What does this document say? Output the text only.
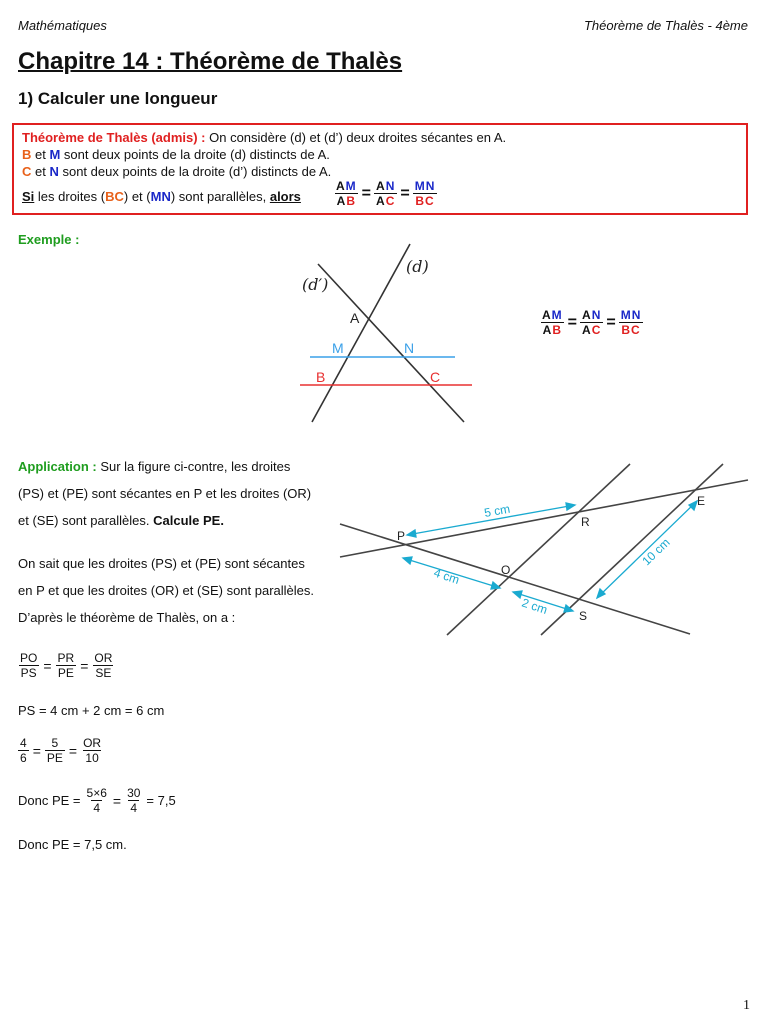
Mathématiques	Théorème de Thalès - 4ème
Chapitre 14 : Théorème de Thalès
1) Calculer une longueur
Théorème de Thalès (admis) : On considère (d) et (d’) deux droites sécantes en A.
B et M sont deux points de la droite (d) distincts de A.
C et N sont deux points de la droite (d’) distincts de A.
Si les droites (BC) et (MN) sont parallèles, alors	$\frac{AM}{AB} = \frac{AN}{AC} = \frac{MN}{BC}$
Exemple :
(d′)
(d)
A
M	N
B	C
$\frac{AM}{AB} = \frac{AN}{AC} = \frac{MN}{BC}$
Application : Sur la figure ci-contre, les droites
(PS) et (PE) sont sécantes en P et les droites (OR)
et (SE) sont parallèles. Calcule PE.
On sait que les droites (PS) et (PE) sont sécantes
en P et que les droites (OR) et (SE) sont parallèles.
D’après le théorème de Thalès, on a :
$\frac{PO}{PS} = \frac{PR}{PE} = \frac{OR}{SE}$
PS = 4 cm + 2 cm = 6 cm
$\frac{4}{6} = \frac{5}{PE} = \frac{OR}{10}$
Donc PE = $\frac{5\times 6}{4} = \frac{30}{4} = 7,5$
Donc PE = 7,5 cm.
P
R
E
O
S
5 cm
4 cm
2 cm
10 cm
1
